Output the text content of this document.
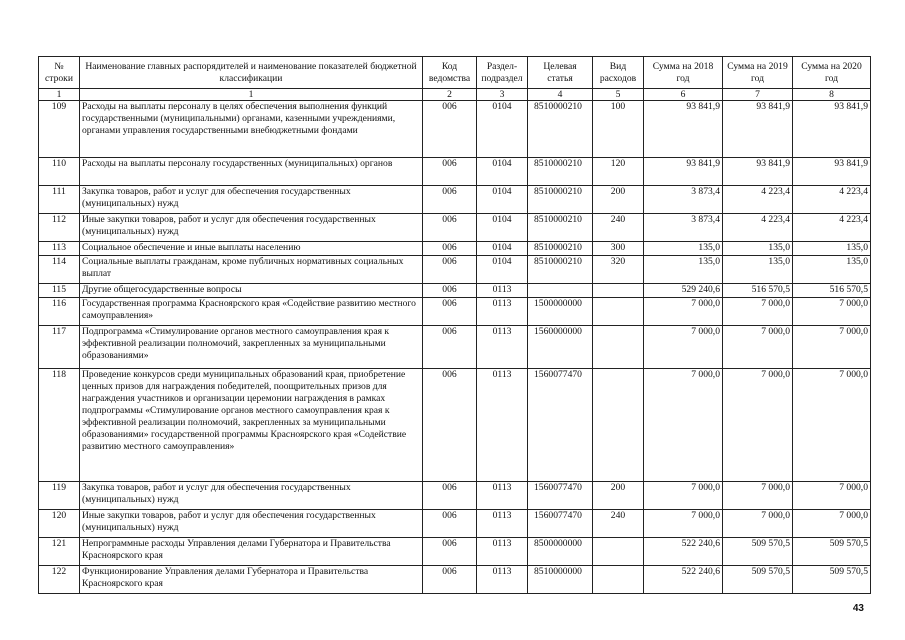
№ строки	Наименование главных распорядителей и наименование показателей бюджетной классификации	Код ведомства	Раздел-подраздел	Целевая статья	Вид расходов	Сумма на 2018 год	Сумма на 2019 год	Сумма на 2020 год
1	1	2	3	4	5	6	7	8
109	Расходы на выплаты персоналу в целях обеспечения выполнения функций государственными (муниципальными) органами, казенными учреждениями, органами управления государственными внебюджетными фондами	006	0104	8510000210	100	93 841,9	93 841,9	93 841,9
110	Расходы на выплаты персоналу государственных (муниципальных) органов	006	0104	8510000210	120	93 841,9	93 841,9	93 841,9
111	Закупка товаров, работ и услуг для обеспечения государственных (муниципальных) нужд	006	0104	8510000210	200	3 873,4	4 223,4	4 223,4
112	Иные закупки товаров, работ и услуг для обеспечения государственных (муниципальных) нужд	006	0104	8510000210	240	3 873,4	4 223,4	4 223,4
113	Социальное обеспечение и иные выплаты населению	006	0104	8510000210	300	135,0	135,0	135,0
114	Социальные выплаты гражданам, кроме публичных нормативных социальных выплат	006	0104	8510000210	320	135,0	135,0	135,0
115	Другие общегосударственные вопросы	006	0113			529 240,6	516 570,5	516 570,5
116	Государственная программа Красноярского края «Содействие развитию местного самоуправления»	006	0113	1500000000		7 000,0	7 000,0	7 000,0
117	Подпрограмма «Стимулирование органов местного самоуправления края к эффективной реализации полномочий, закрепленных за муниципальными образованиями»	006	0113	1560000000		7 000,0	7 000,0	7 000,0
118	Проведение конкурсов среди муниципальных образований края, приобретение ценных призов для награждения победителей, поощрительных призов для награждения участников и организации церемонии награждения в рамках подпрограммы «Стимулирование органов местного самоуправления края к эффективной реализации полномочий, закрепленных за муниципальными образованиями» государственной программы Красноярского края «Содействие развитию местного самоуправления»	006	0113	1560077470		7 000,0	7 000,0	7 000,0
119	Закупка товаров, работ и услуг для обеспечения государственных (муниципальных) нужд	006	0113	1560077470	200	7 000,0	7 000,0	7 000,0
120	Иные закупки товаров, работ и услуг для обеспечения государственных (муниципальных) нужд	006	0113	1560077470	240	7 000,0	7 000,0	7 000,0
121	Непрограммные расходы Управления делами Губернатора и Правительства Красноярского края	006	0113	8500000000		522 240,6	509 570,5	509 570,5
122	Функционирование Управления делами Губернатора и Правительства Красноярского края	006	0113	8510000000		522 240,6	509 570,5	509 570,5
43
